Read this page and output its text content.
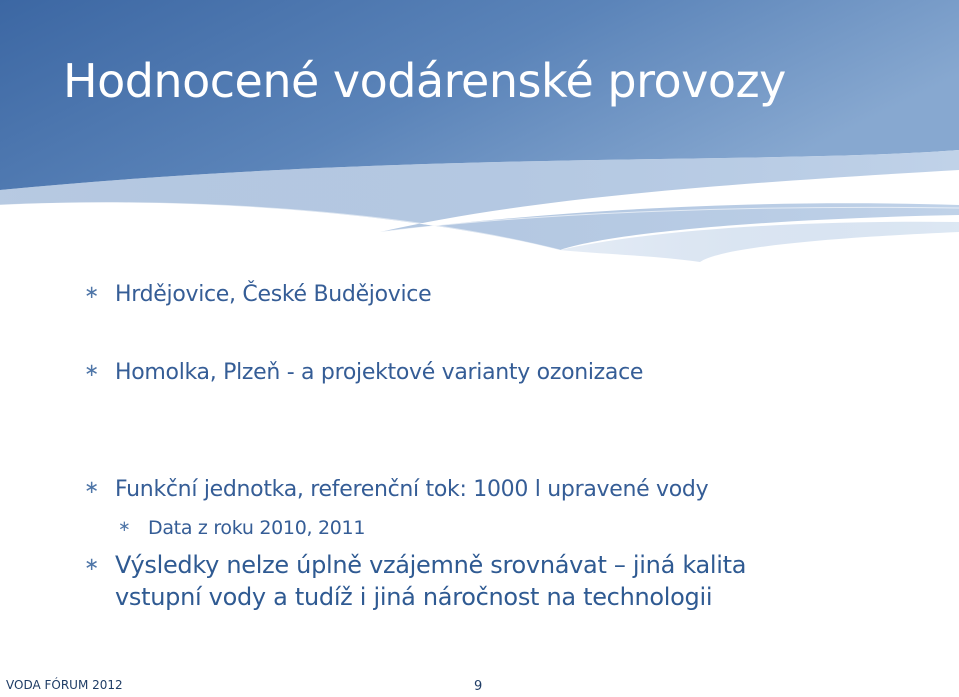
Hodnocené vodárenské provozy
∗ Hrdějovice, České Budějovice
∗ Homolka, Plzeň - a projektové varianty ozonizace
∗ Funkční jednotka, referenční tok: 1000 l upravené vody
∗ Data z roku 2010, 2011
∗ Výsledky nelze úplně vzájemně srovnávat – jiná kalita
vstupní vody a tudíž i jiná náročnost na technologii
VODA FÓRUM 2012	9
